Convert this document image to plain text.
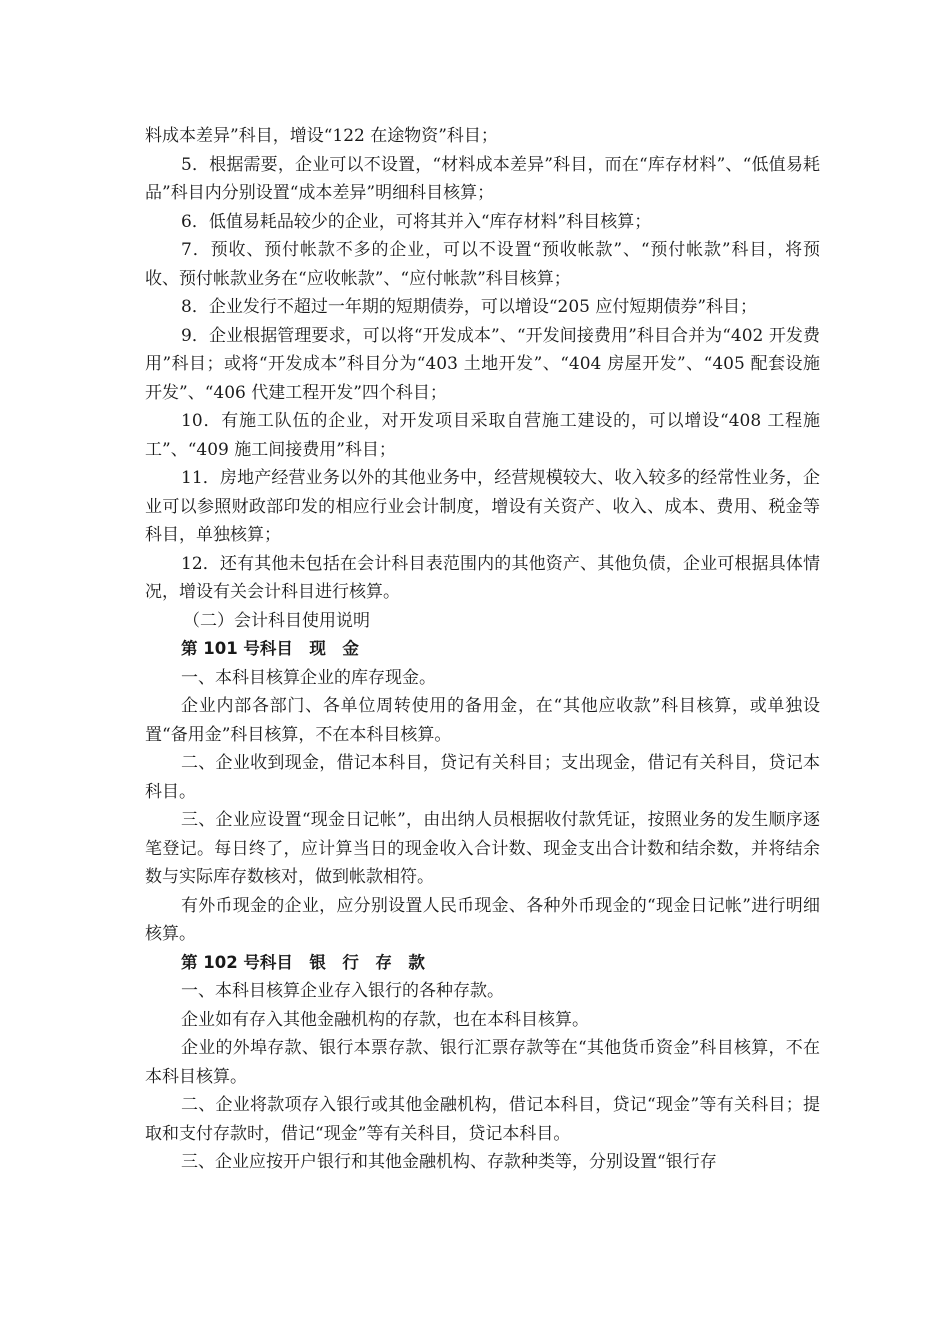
料成本差异”科目，增设“122 在途物资”科目；

5．根据需要，企业可以不设置，“材料成本差异”科目，而在“库存材料”、“低值易耗品”科目内分别设置“成本差异”明细科目核算；

6．低值易耗品较少的企业，可将其并入“库存材料”科目核算；

7．预收、预付帐款不多的企业，可以不设置“预收帐款”、“预付帐款”科目，将预收、预付帐款业务在“应收帐款”、“应付帐款”科目核算；

8．企业发行不超过一年期的短期债券，可以增设“205 应付短期债券”科目；

9．企业根据管理要求，可以将“开发成本”、“开发间接费用”科目合并为“402 开发费用”科目；或将“开发成本”科目分为“403 土地开发”、“404 房屋开发”、“405 配套设施开发”、“406 代建工程开发”四个科目；

10．有施工队伍的企业，对开发项目采取自营施工建设的，可以增设“408 工程施工”、“409 施工间接费用”科目；

11．房地产经营业务以外的其他业务中，经营规模较大、收入较多的经常性业务，企业可以参照财政部印发的相应行业会计制度，增设有关资产、收入、成本、费用、税金等科目，单独核算；

12．还有其他未包括在会计科目表范围内的其他资产、其他负债，企业可根据具体情况，增设有关会计科目进行核算。

（二）会计科目使用说明

第 101 号科目　现　金

一、本科目核算企业的库存现金。

企业内部各部门、各单位周转使用的备用金，在“其他应收款”科目核算，或单独设置“备用金”科目核算，不在本科目核算。

二、企业收到现金，借记本科目，贷记有关科目；支出现金，借记有关科目，贷记本科目。

三、企业应设置“现金日记帐”，由出纳人员根据收付款凭证，按照业务的发生顺序逐笔登记。每日终了，应计算当日的现金收入合计数、现金支出合计数和结余数，并将结余数与实际库存数核对，做到帐款相符。

有外币现金的企业，应分别设置人民币现金、各种外币现金的“现金日记帐”进行明细核算。

第 102 号科目　银　行　存　款

一、本科目核算企业存入银行的各种存款。

企业如有存入其他金融机构的存款，也在本科目核算。

企业的外埠存款、银行本票存款、银行汇票存款等在“其他货币资金”科目核算，不在本科目核算。

二、企业将款项存入银行或其他金融机构，借记本科目，贷记“现金”等有关科目；提取和支付存款时，借记“现金”等有关科目，贷记本科目。

三、企业应按开户银行和其他金融机构、存款种类等，分别设置“银行存
